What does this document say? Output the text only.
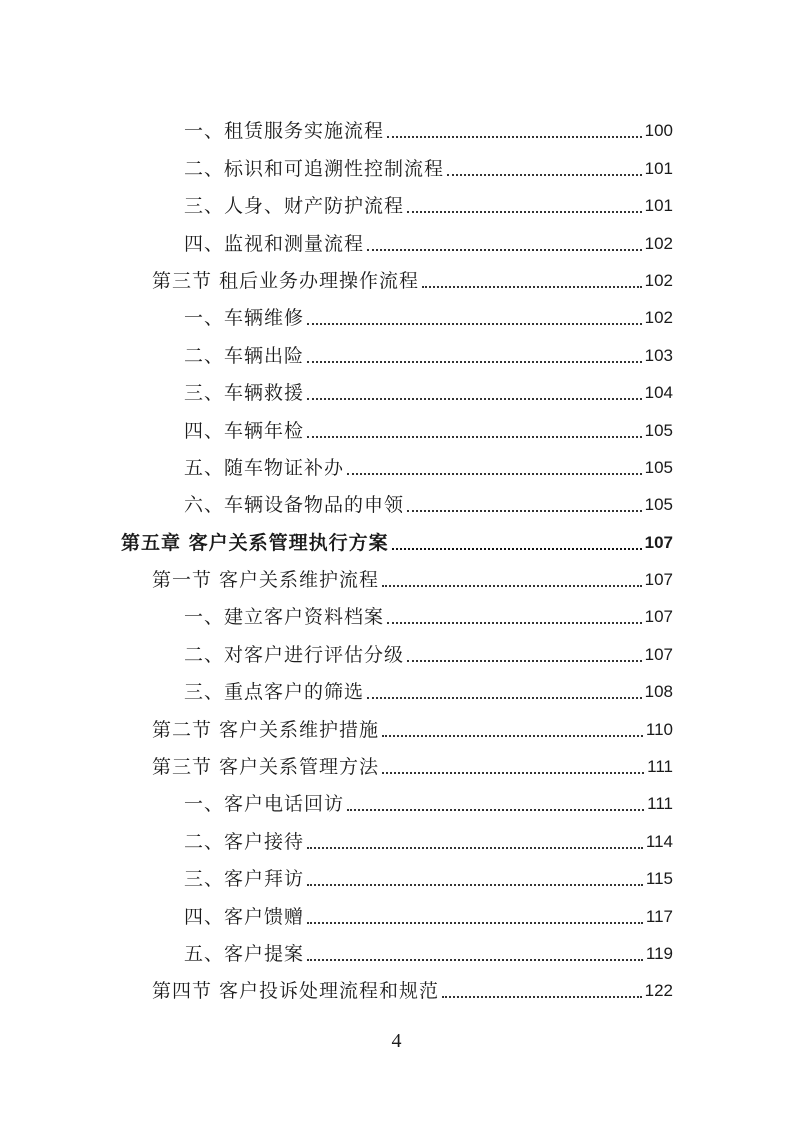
一、租赁服务实施流程	100
二、标识和可追溯性控制流程	101
三、人身、财产防护流程	101
四、监视和测量流程	102
第三节 租后业务办理操作流程	102
一、车辆维修	102
二、车辆出险	103
三、车辆救援	104
四、车辆年检	105
五、随车物证补办	105
六、车辆设备物品的申领	105
第五章 客户关系管理执行方案	107
第一节 客户关系维护流程	107
一、建立客户资料档案	107
二、对客户进行评估分级	107
三、重点客户的筛选	108
第二节 客户关系维护措施	110
第三节 客户关系管理方法	111
一、客户电话回访	111
二、客户接待	114
三、客户拜访	115
四、客户馈赠	117
五、客户提案	119
第四节 客户投诉处理流程和规范	122
4
